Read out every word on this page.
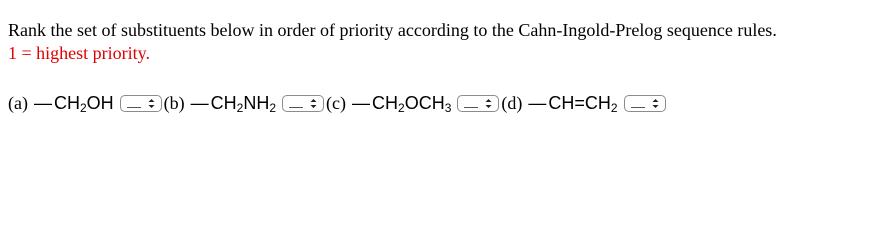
Rank the set of substituents below in order of priority according to the Cahn-Ingold-Prelog sequence rules.
1 = highest priority.
(a) — $CH_2OH$	(b) — $CH_2NH_2$	(c) — $CH_2OCH_3$	(d) — $CH=CH_2$
